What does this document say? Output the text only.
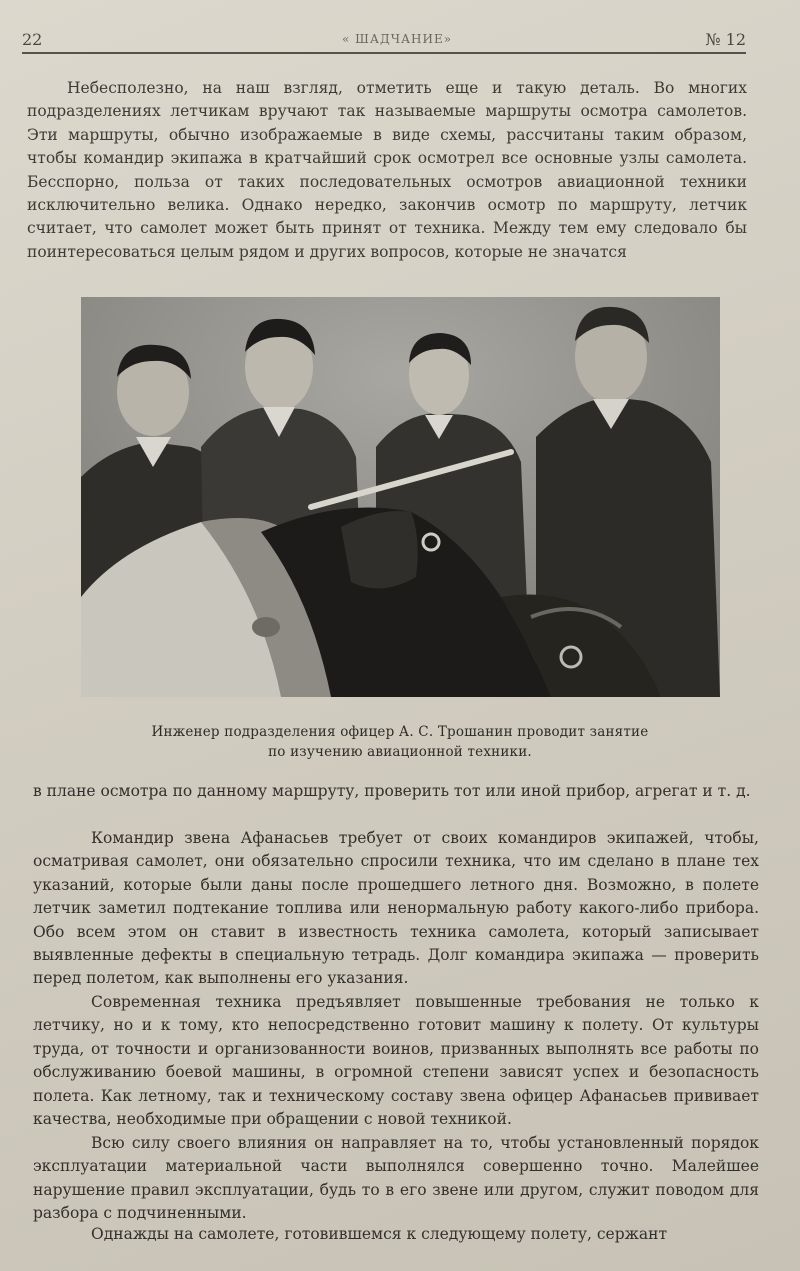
22	« ШАДЧАНИЕ»	№ 12

Небесполезно, на наш взгляд, отметить еще и такую деталь. Во многих подразделениях летчикам вручают так называемые маршруты осмотра самолетов. Эти маршруты, обычно изображаемые в виде схемы, рассчитаны таким образом, чтобы командир экипажа в кратчайший срок осмотрел все основные узлы самолета. Бесспорно, польза от таких последовательных осмотров авиационной техники исключительно велика. Однако нередко, закончив осмотр по маршруту, летчик считает, что самолет может быть принят от техника. Между тем ему следовало бы поинтересоваться целым рядом и других вопросов, которые не значатся

Инженер подразделения офицер А. С. Трошанин проводит занятие
по изучению авиационной техники.

в плане осмотра по данному маршруту, проверить тот или иной прибор, агрегат и т. д.

Командир звена Афанасьев требует от своих командиров экипажей, чтобы, осматривая самолет, они обязательно спросили техника, что им сделано в плане тех указаний, которые были даны после прошедшего летного дня. Возможно, в полете летчик заметил подтекание топлива или ненормальную работу какого-либо прибора. Обо всем этом он ставит в известность техника самолета, который записывает выявленные дефекты в специальную тетрадь. Долг командира экипажа — проверить перед полетом, как выполнены его указания.

Современная техника предъявляет повышенные требования не только к летчику, но и к тому, кто непосредственно готовит машину к полету. От культуры труда, от точности и организованности воинов, призванных выполнять все работы по обслуживанию боевой машины, в огромной степени зависят успех и безопасность полета. Как летному, так и техническому составу звена офицер Афанасьев прививает качества, необходимые при обращении с новой техникой.

Всю силу своего влияния он направляет на то, чтобы установленный порядок эксплуатации материальной части выполнялся совершенно точно. Малейшее нарушение правил эксплуатации, будь то в его звене или другом, служит поводом для разбора с подчиненными.

Однажды на самолете, готовившемся к следующему полету, сержант
